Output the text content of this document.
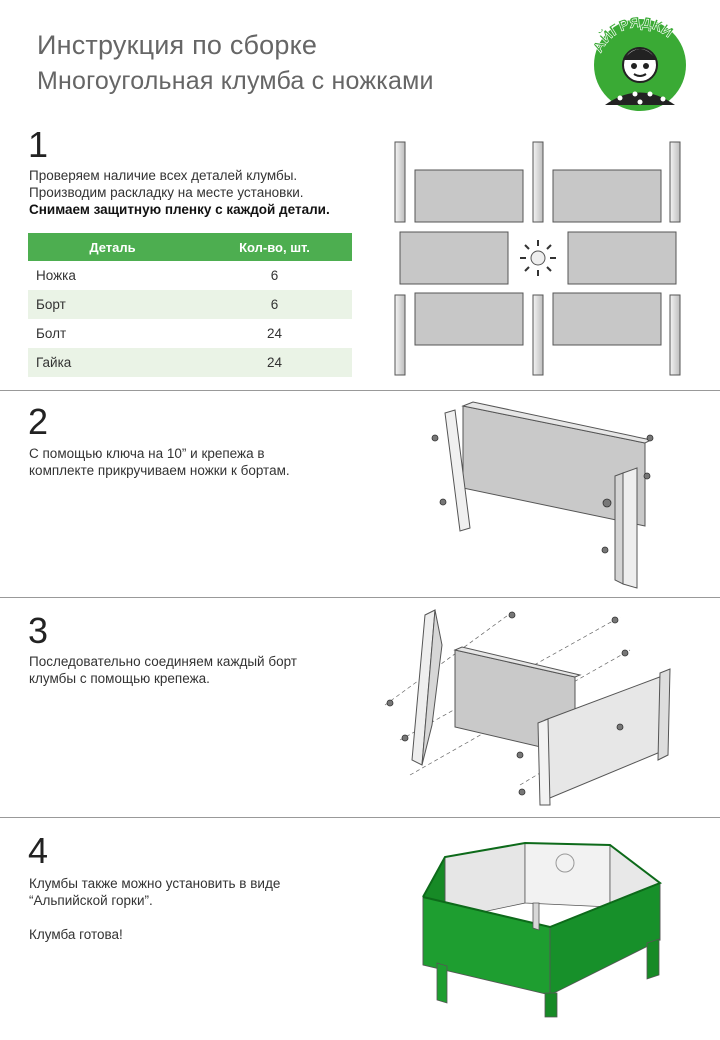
Инструкция по сборке
Многоугольная клумба с ножками
АЙГРЯДКИ
1
Проверяем наличие всех деталей клумбы.
Производим раскладку на месте установки.
Снимаем защитную пленку с каждой детали.
Деталь	Кол-во, шт.
Ножка	6
Борт	6
Болт	24
Гайка	24
2
С помощью ключа на 10” и крепежа в
комплекте прикручиваем ножки к бортам.
3
Последовательно соединяем каждый борт
клумбы с помощью крепежа.
4
Клумбы также можно установить в виде
“Альпийской горки”.
Клумба готова!
